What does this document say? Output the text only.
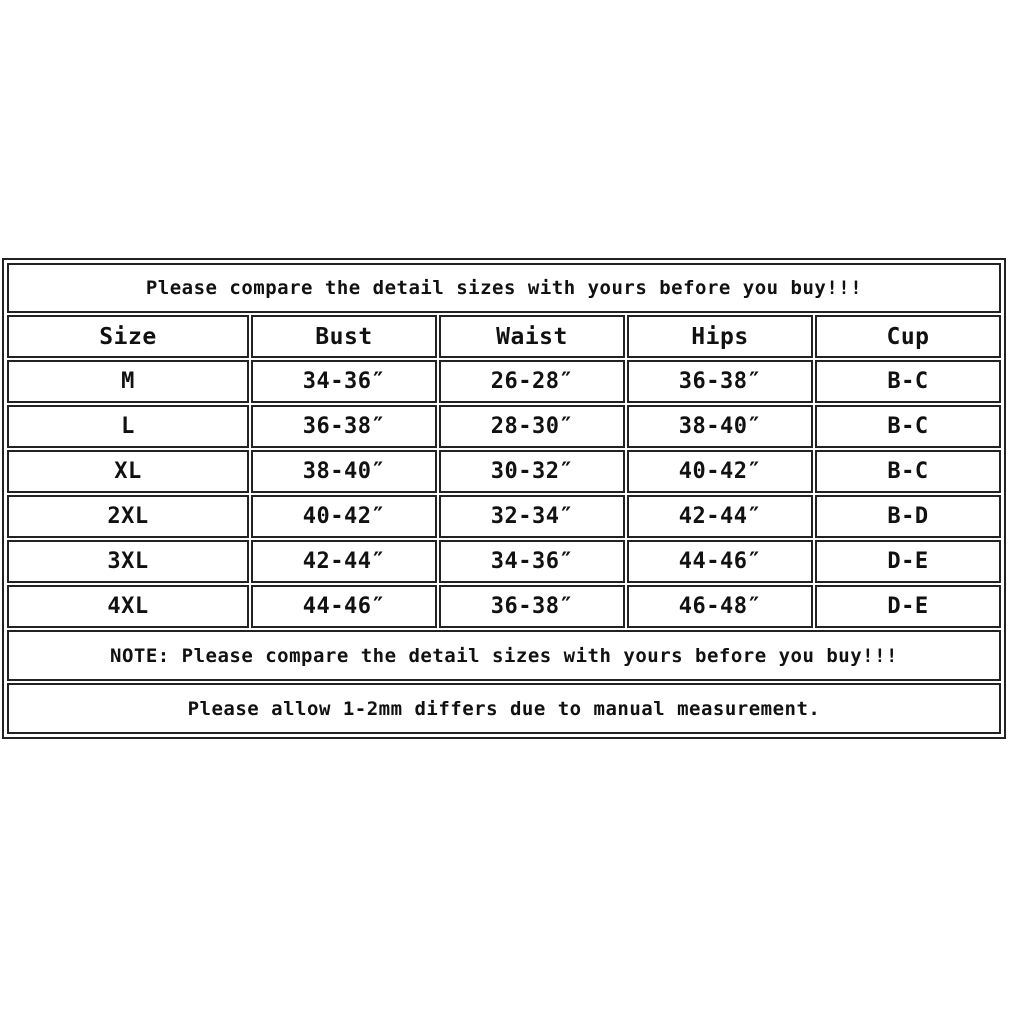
Please compare the detail sizes with yours before you buy!!!
Size	Bust	Waist	Hips	Cup
M	34-36″	26-28″	36-38″	B-C
L	36-38″	28-30″	38-40″	B-C
XL	38-40″	30-32″	40-42″	B-C
2XL	40-42″	32-34″	42-44″	B-D
3XL	42-44″	34-36″	44-46″	D-E
4XL	44-46″	36-38″	46-48″	D-E
NOTE: Please compare the detail sizes with yours before you buy!!!
Please allow 1-2mm differs due to manual measurement.
